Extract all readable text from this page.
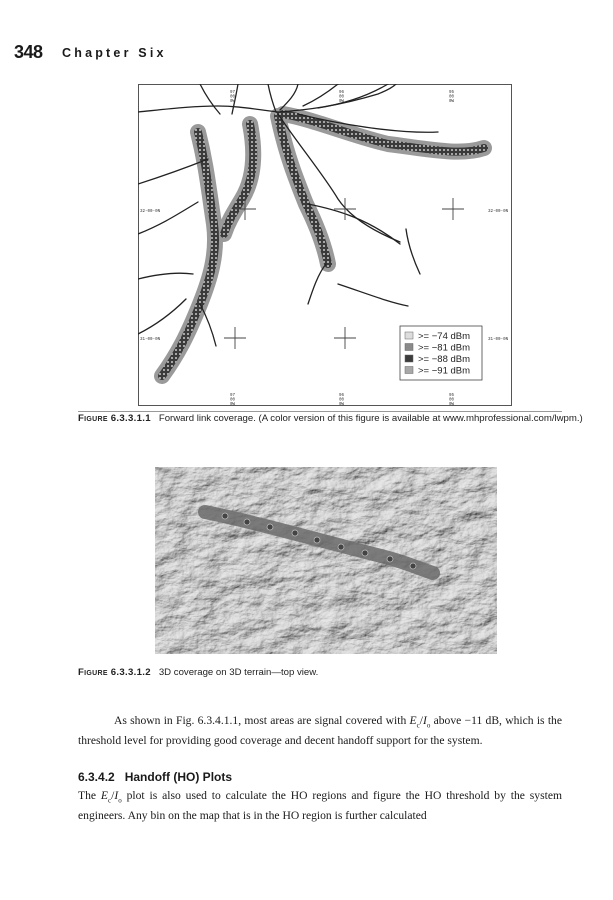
348 Chapter Six
32-00-0N
31-00-0N
32-00-0N
31-00-0N
97 00 0W
96 00 0W
95 00 0W
97 00 0W
96 00 0W
95 00 0W
>= −74 dBm
>= −81 dBm
>= −88 dBm
>= −91 dBm
Figure 6.3.3.1.1 Forward link coverage. (A color version of this figure is available at www.mhprofessional.com/lwpm.)
Figure 6.3.3.1.2 3D coverage on 3D terrain—top view.

As shown in Fig. 6.3.4.1.1, most areas are signal covered with $E_c/I_o$ above −11 dB, which is the threshold level for providing good coverage and decent handoff support for the system.

6.3.4.2 Handoff (HO) Plots

The $E_c/I_o$ plot is also used to calculate the HO regions and figure the HO threshold by the system engineers. Any bin on the map that is in the HO region is further calculated
